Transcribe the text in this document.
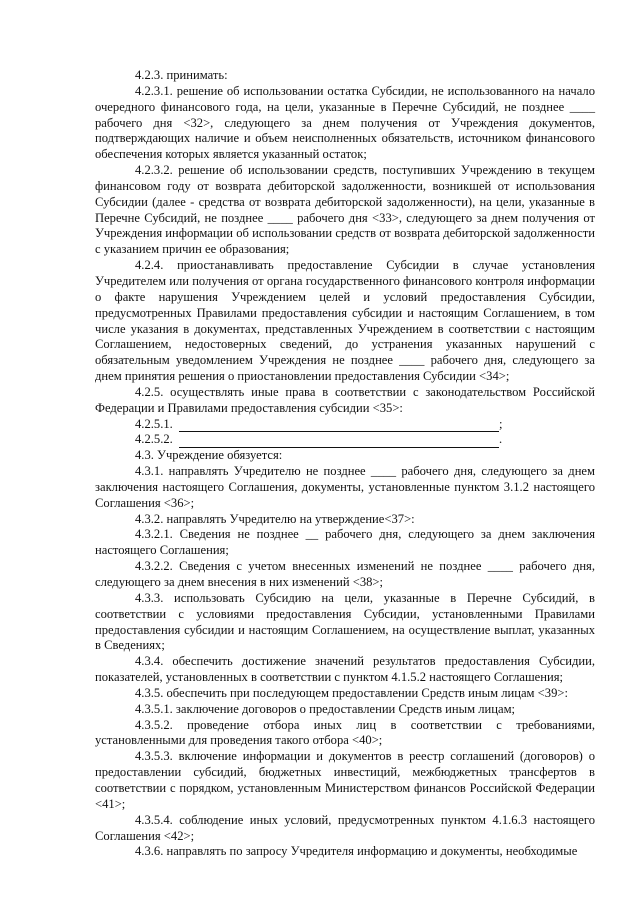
4.2.3. принимать:

4.2.3.1. решение об использовании остатка Субсидии, не использованного на начало очередного финансового года, на цели, указанные в Перечне Субсидий, не позднее ____ рабочего дня <32>, следующего за днем получения от Учреждения документов, подтверждающих наличие и объем неисполненных обязательств, источником финансового обеспечения которых является указанный остаток;

4.2.3.2. решение об использовании средств, поступивших Учреждению в текущем финансовом году от возврата дебиторской задолженности, возникшей от использования Субсидии (далее - средства от возврата дебиторской задолженности), на цели, указанные в Перечне Субсидий, не позднее ____ рабочего дня <33>, следующего за днем получения от Учреждения информации об использовании средств от возврата дебиторской задолженности с указанием причин ее образования;

4.2.4. приостанавливать предоставление Субсидии в случае установления Учредителем или получения от органа государственного финансового контроля информации о факте нарушения Учреждением целей и условий предоставления Субсидии, предусмотренных Правилами предоставления субсидии и настоящим Соглашением, в том числе указания в документах, представленных Учреждением в соответствии с настоящим Соглашением, недостоверных сведений, до устранения указанных нарушений с обязательным уведомлением Учреждения не позднее ____ рабочего дня, следующего за днем принятия решения о приостановлении предоставления Субсидии <34>;

4.2.5. осуществлять иные права в соответствии с законодательством Российской Федерации и Правилами предоставления субсидии <35>:

4.2.5.1.	;
4.2.5.2.	.

4.3. Учреждение обязуется:

4.3.1. направлять Учредителю не позднее ____ рабочего дня, следующего за днем заключения настоящего Соглашения, документы, установленные пунктом 3.1.2 настоящего Соглашения <36>;

4.3.2. направлять Учредителю на утверждение<37>:

4.3.2.1. Сведения не позднее __ рабочего дня, следующего за днем заключения настоящего Соглашения;

4.3.2.2. Сведения с учетом внесенных изменений не позднее ____ рабочего дня, следующего за днем внесения в них изменений <38>;

4.3.3. использовать Субсидию на цели, указанные в Перечне Субсидий, в соответствии с условиями предоставления Субсидии, установленными Правилами предоставления субсидии и настоящим Соглашением, на осуществление выплат, указанных в Сведениях;

4.3.4. обеспечить достижение значений результатов предоставления Субсидии, показателей, установленных в соответствии с пунктом 4.1.5.2 настоящего Соглашения;

4.3.5. обеспечить при последующем предоставлении Средств иным лицам <39>:

4.3.5.1. заключение договоров о предоставлении Средств иным лицам;

4.3.5.2. проведение отбора иных лиц в соответствии с требованиями, установленными для проведения такого отбора <40>;

4.3.5.3. включение информации и документов в реестр соглашений (договоров) о предоставлении субсидий, бюджетных инвестиций, межбюджетных трансфертов в соответствии с порядком, установленным Министерством финансов Российской Федерации <41>;

4.3.5.4. соблюдение иных условий, предусмотренных пунктом 4.1.6.3 настоящего Соглашения <42>;

4.3.6. направлять по запросу Учредителя информацию и документы, необходимые
